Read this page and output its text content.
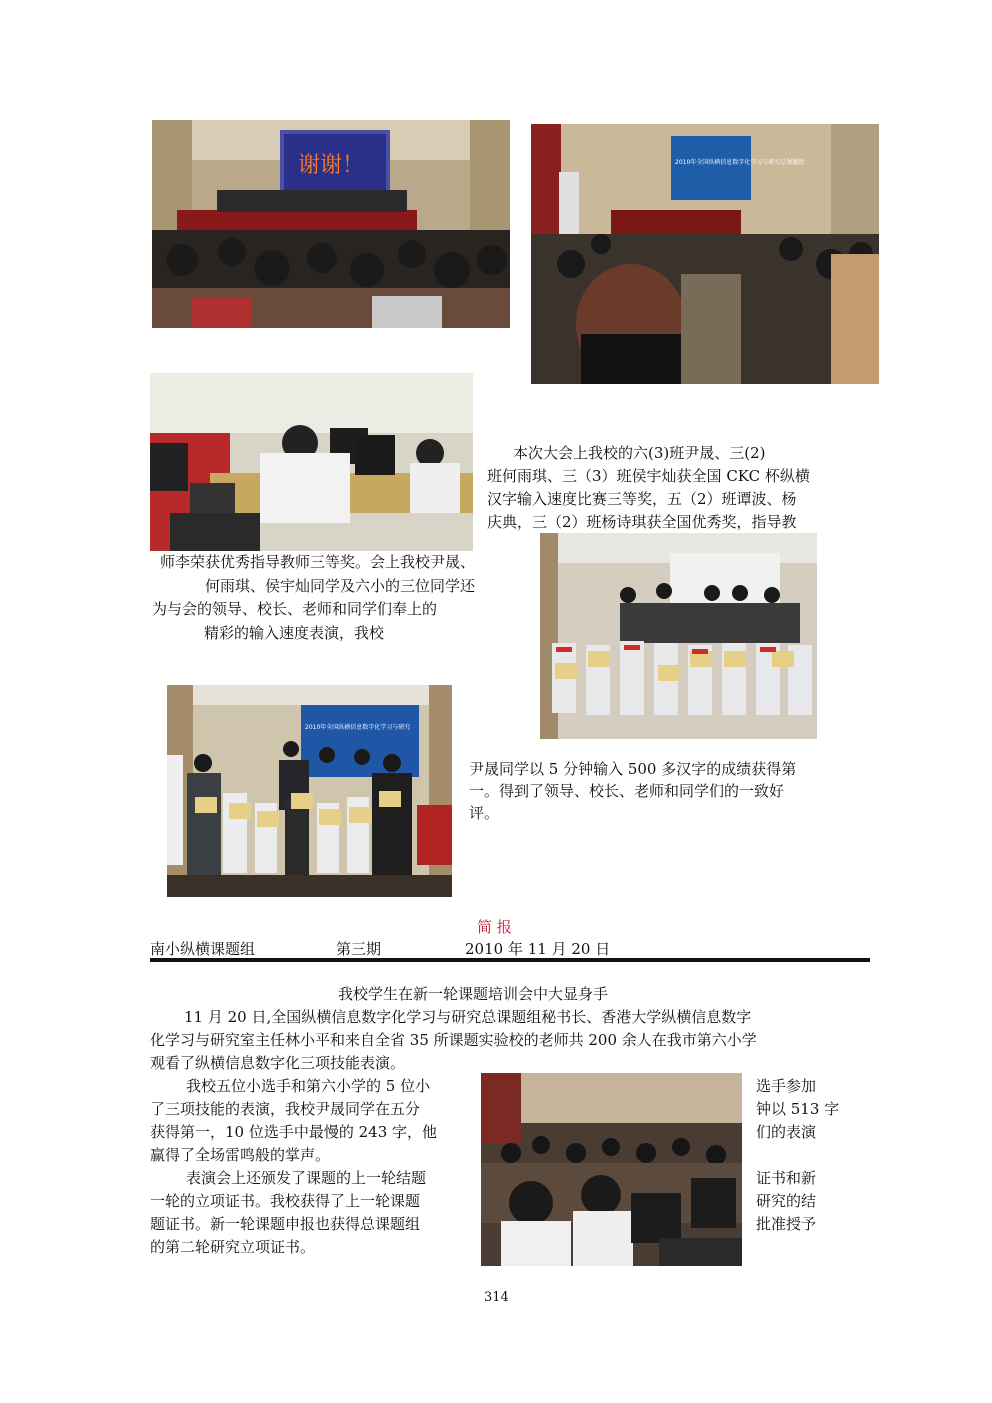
谢谢！	2010年全国纵横信息数字化学习与研究总课题组
2010年全国纵横信息数字化学习与研究
本次大会上我校的六(3)班尹晟、三(2)
班何雨琪、三（3）班侯宇灿获全国 CKC 杯纵横
汉字输入速度比赛三等奖，五（2）班谭波、杨
庆典，三（2）班杨诗琪获全国优秀奖，指导教
师李荣获优秀指导教师三等奖。会上我校尹晟、
何雨琪、侯宇灿同学及六小的三位同学还
为与会的领导、校长、老师和同学们奉上的
精彩的输入速度表演，我校
尹晟同学以 5 分钟输入 500 多汉字的成绩获得第
一。得到了领导、校长、老师和同学们的一致好
评。
简 报
南小纵横课题组	第三期	2010 年 11 月 20 日
我校学生在新一轮课题培训会中大显身手
11 月 20 日,全国纵横信息数字化学习与研究总课题组秘书长、香港大学纵横信息数字
化学习与研究室主任林小平和来自全省 35 所课题实验校的老师共 200 余人在我市第六小学
观看了纵横信息数字化三项技能表演。
我校五位小选手和第六小学的 5 位小
了三项技能的表演，我校尹晟同学在五分
获得第一，10 位选手中最慢的 243 字，他
赢得了全场雷鸣般的掌声。
表演会上还颁发了课题的上一轮结题
一轮的立项证书。我校获得了上一轮课题
题证书。新一轮课题申报也获得总课题组
的第二轮研究立项证书。
选手参加
钟以 513 字
们的表演
证书和新
研究的结
批准授予
314
